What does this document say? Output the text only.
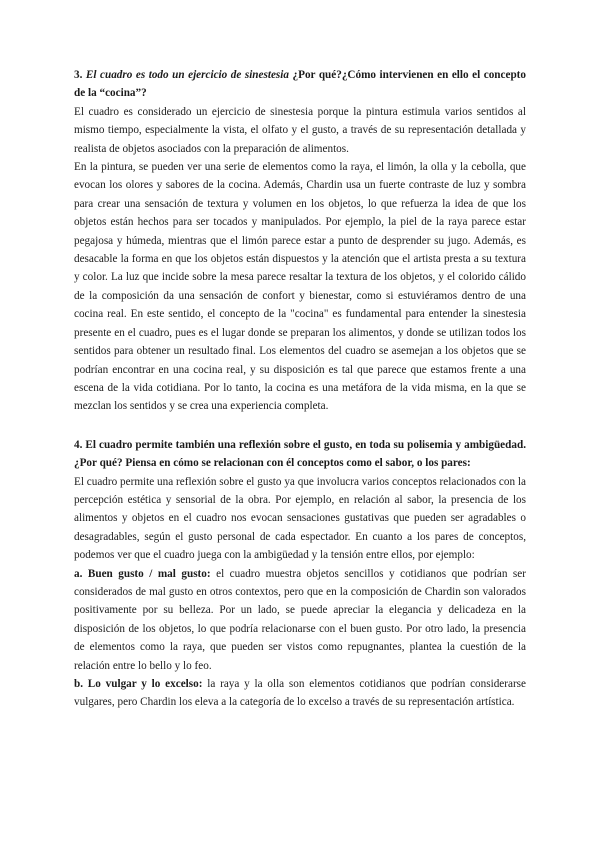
3. El cuadro es todo un ejercicio de sinestesia ¿Por qué?¿Cómo intervienen en ello el concepto de la “cocina”?

El cuadro es considerado un ejercicio de sinestesia porque la pintura estimula varios sentidos al mismo tiempo, especialmente la vista, el olfato y el gusto, a través de su representación detallada y realista de objetos asociados con la preparación de alimentos.

En la pintura, se pueden ver una serie de elementos como la raya, el limón, la olla y la cebolla, que evocan los olores y sabores de la cocina. Además, Chardin usa un fuerte contraste de luz y sombra para crear una sensación de textura y volumen en los objetos, lo que refuerza la idea de que los objetos están hechos para ser tocados y manipulados. Por ejemplo, la piel de la raya parece estar pegajosa y húmeda, mientras que el limón parece estar a punto de desprender su jugo. Además, es desacable la forma en que los objetos están dispuestos y la atención que el artista presta a su textura y color. La luz que incide sobre la mesa parece resaltar la textura de los objetos, y el colorido cálido de la composición da una sensación de confort y bienestar, como si estuviéramos dentro de una cocina real. En este sentido, el concepto de la "cocina" es fundamental para entender la sinestesia presente en el cuadro, pues es el lugar donde se preparan los alimentos, y donde se utilizan todos los sentidos para obtener un resultado final. Los elementos del cuadro se asemejan a los objetos que se podrían encontrar en una cocina real, y su disposición es tal que parece que estamos frente a una escena de la vida cotidiana. Por lo tanto, la cocina es una metáfora de la vida misma, en la que se mezclan los sentidos y se crea una experiencia completa.

4. El cuadro permite también una reflexión sobre el gusto, en toda su polisemia y ambigüedad. ¿Por qué? Piensa en cómo se relacionan con él conceptos como el sabor, o los pares:

El cuadro permite una reflexión sobre el gusto ya que involucra varios conceptos relacionados con la percepción estética y sensorial de la obra. Por ejemplo, en relación al sabor, la presencia de los alimentos y objetos en el cuadro nos evocan sensaciones gustativas que pueden ser agradables o desagradables, según el gusto personal de cada espectador. En cuanto a los pares de conceptos, podemos ver que el cuadro juega con la ambigüedad y la tensión entre ellos, por ejemplo:

a. Buen gusto / mal gusto: el cuadro muestra objetos sencillos y cotidianos que podrían ser considerados de mal gusto en otros contextos, pero que en la composición de Chardin son valorados positivamente por su belleza. Por un lado, se puede apreciar la elegancia y delicadeza en la disposición de los objetos, lo que podría relacionarse con el buen gusto. Por otro lado, la presencia de elementos como la raya, que pueden ser vistos como repugnantes, plantea la cuestión de la relación entre lo bello y lo feo.

b. Lo vulgar y lo excelso: la raya y la olla son elementos cotidianos que podrían considerarse vulgares, pero Chardin los eleva a la categoría de lo excelso a través de su representación artística.
